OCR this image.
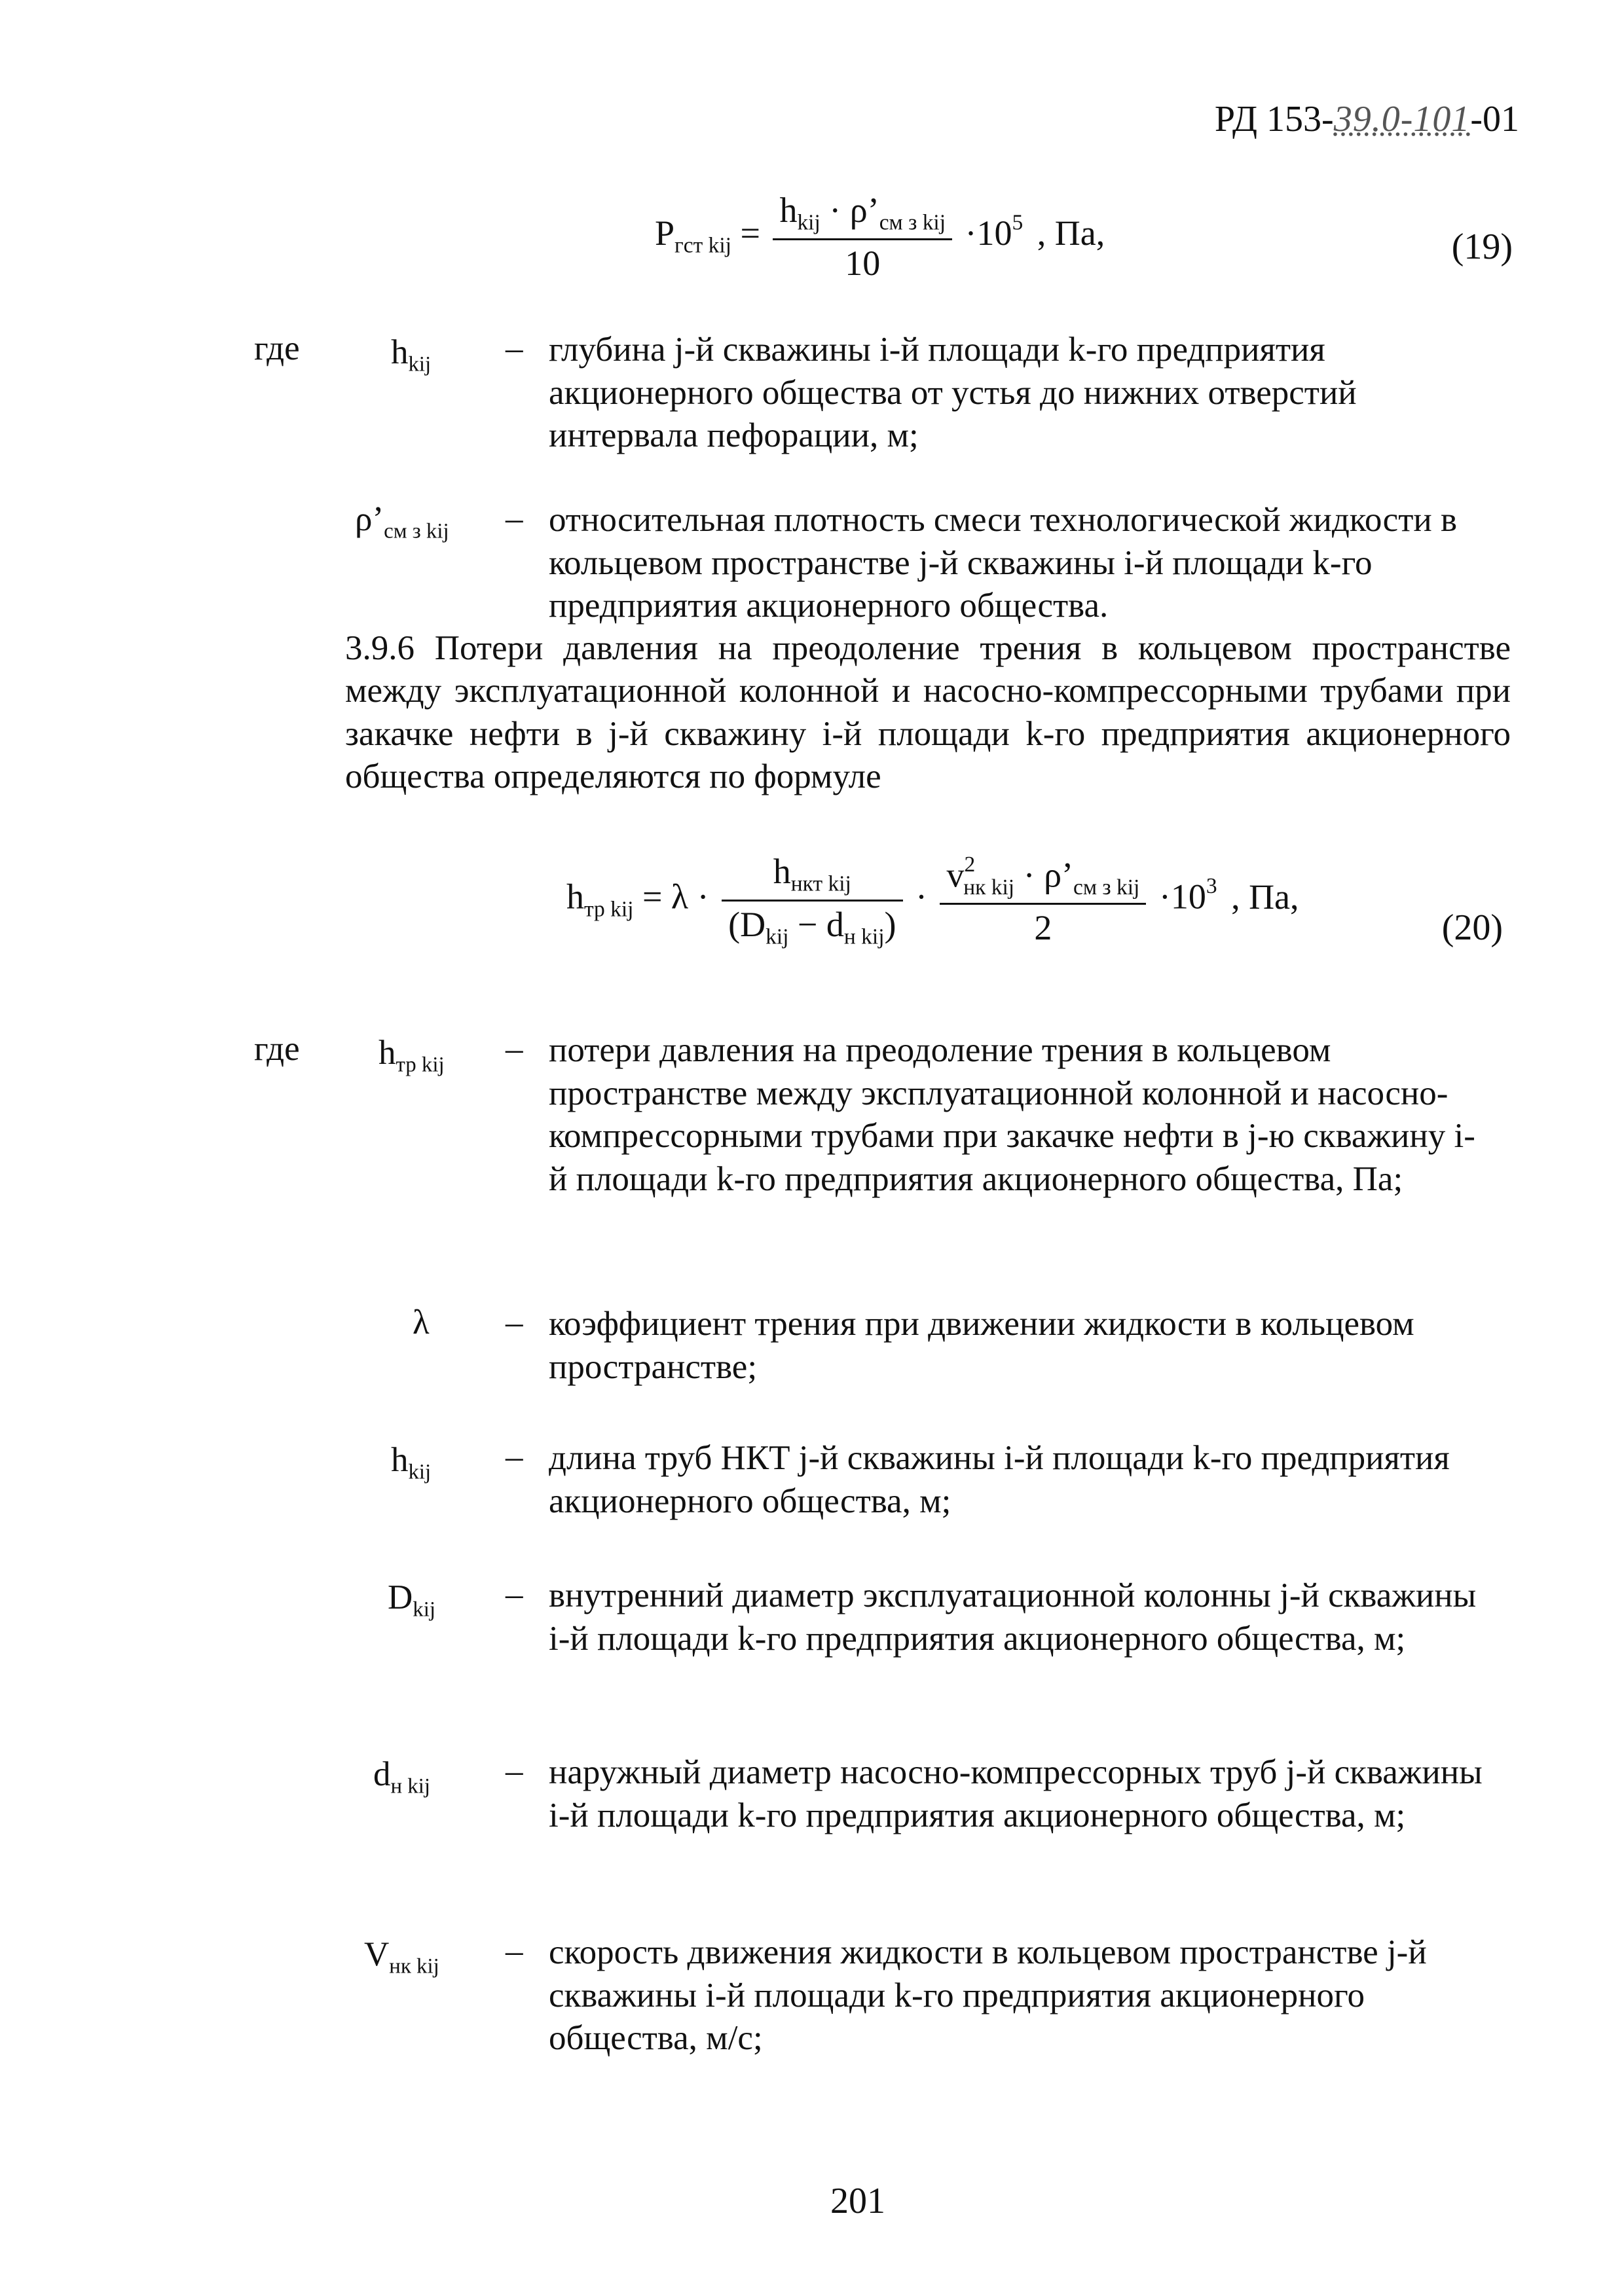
РД 153-39.0-101-01
$P_{гст kij} = \frac{h_{kij} \cdot \rho’_{см з kij}}{10} \cdot 10^5$ , Па,	(19)
где	$h_{kij}$ – глубина j-й скважины i-й площади k-го предприятия акционерного общества от устья до нижних отверстий интервала пефорации, м;
$\rho’_{см з kij}$ – относительная плотность смеси технологической жидкости в кольцевом пространстве j-й скважины i-й площади k-го предприятия акционерного общества.
3.9.6 Потери давления на преодоление трения в кольцевом пространстве между эксплуатационной колонной и насосно-компрессорными трубами при закачке нефти в j-й скважину i-й площади k-го предприятия акционерного общества определяются по формуле
$h_{тр kij} = \lambda \cdot \frac{h_{нкт kij}}{(D_{kij} - d_{н kij})} \cdot \frac{v^2_{нк kij} \cdot \rho’_{см з kij}}{2} \cdot 10^3$ , Па,
(20)
где $h_{тр kij}$ – потери давления на преодоление трения в кольцевом пространстве между эксплуатационной колонной и насосно-компрессорными трубами при закачке нефти в j-ю скважину i-й площади k-го предприятия акционерного общества, Па;
λ – коэффициент трения при движении жидкости в кольцевом пространстве;
$h_{kij}$ – длина труб НКТ j-й скважины i-й площади k-го предприятия акционерного общества, м;
$D_{kij}$ – внутренний диаметр эксплуатационной колонны j-й скважины i-й площади k-го предприятия акционерного общества, м;
$d_{н kij}$ – наружный диаметр насосно-компрессорных труб j-й скважины i-й площади k-го предприятия акционерного общества, м;
$V_{нк kij}$ – скорость движения жидкости в кольцевом пространстве j-й скважины i-й площади k-го предприятия акционерного общества, м/с;
201
